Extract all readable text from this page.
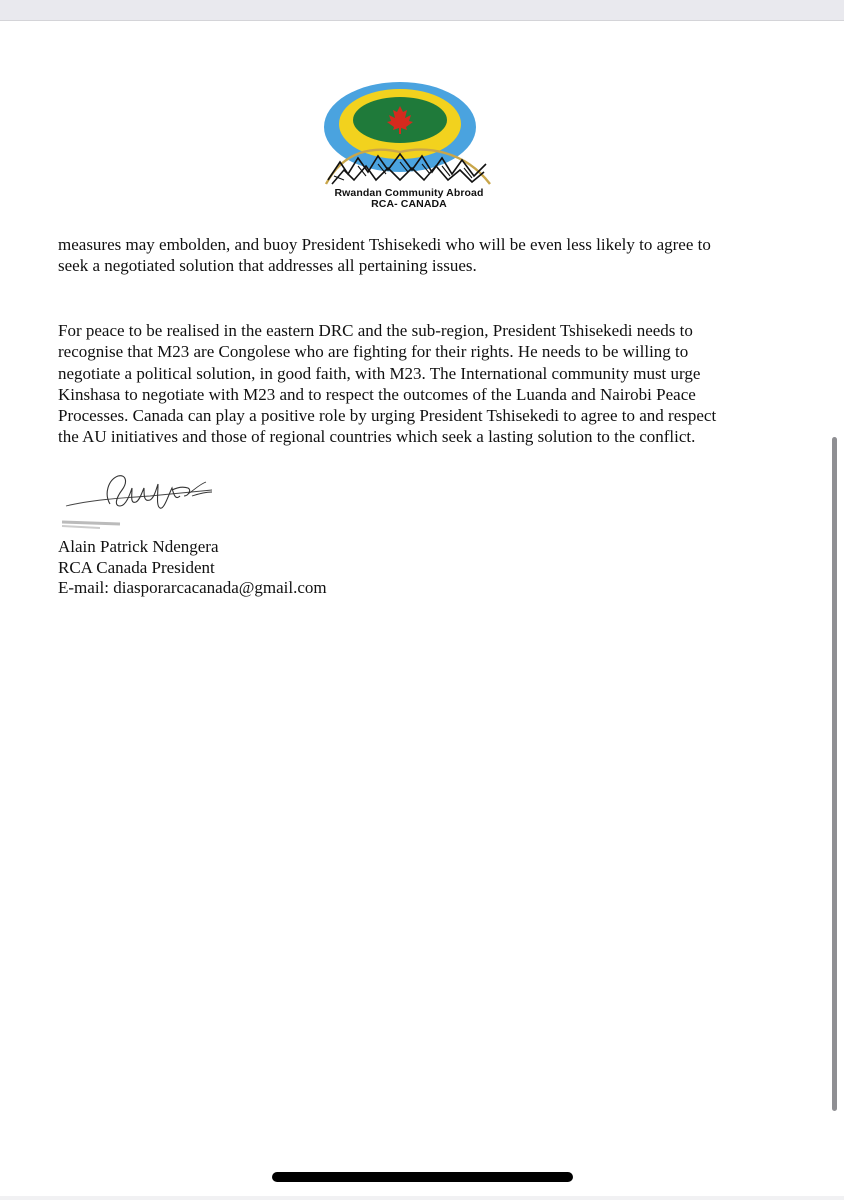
Rwandan Community Abroad
RCA- CANADA

measures may embolden, and buoy President Tshisekedi who will be even less likely to agree to
seek a negotiated solution that addresses all pertaining issues.

For peace to be realised in the eastern DRC and the sub-region, President Tshisekedi needs to
recognise that M23 are Congolese who are fighting for their rights. He needs to be willing to
negotiate a political solution, in good faith, with M23. The International community must urge
Kinshasa to negotiate with M23 and to respect the outcomes of the Luanda and Nairobi Peace
Processes. Canada can play a positive role by urging President Tshisekedi to agree to and respect
the AU initiatives and those of regional countries which seek a lasting solution to the conflict.

Alain Patrick Ndengera
RCA Canada President
E-mail: diasporarcacanada@gmail.com
